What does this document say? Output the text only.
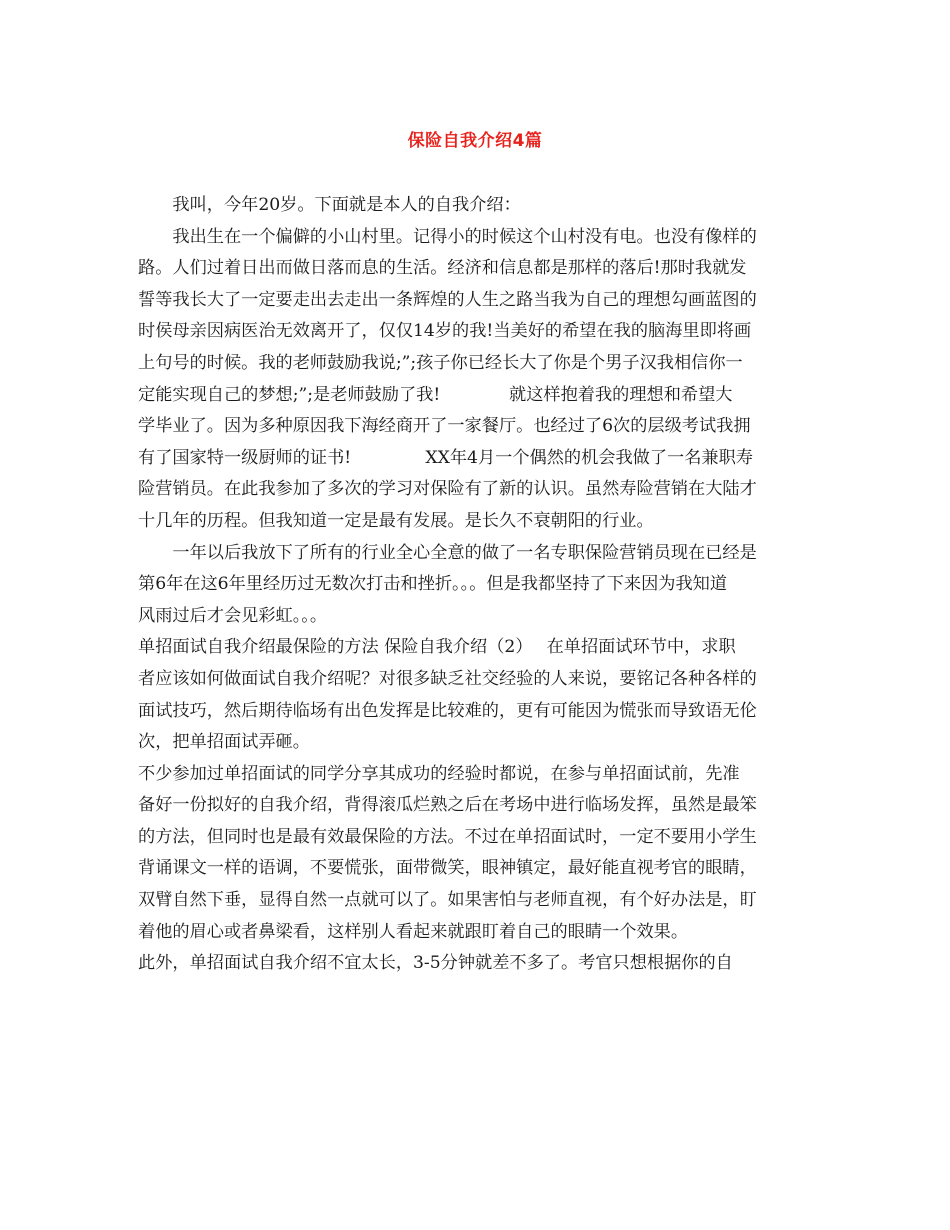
保险自我介绍4篇

　　我叫，今年20岁。下面就是本人的自我介绍：

　　我出生在一个偏僻的小山村里。记得小的时候这个山村没有电。也没有像样的

路。人们过着日出而做日落而息的生活。经济和信息都是那样的落后!那时我就发

誓等我长大了一定要走出去走出一条辉煌的人生之路当我为自己的理想勾画蓝图的

时侯母亲因病医治无效离开了，仅仅14岁的我!当美好的希望在我的脑海里即将画

上句号的时候。我的老师鼓励我说;”;孩子你已经长大了你是个男子汉我相信你一

定能实现自己的梦想;”;是老师鼓励了我!　　　　就这样抱着我的理想和希望大

学毕业了。因为多种原因我下海经商开了一家餐厅。也经过了6次的层级考试我拥

有了国家特一级厨师的证书!　　　　 XX年4月一个偶然的机会我做了一名兼职寿

险营销员。在此我参加了多次的学习对保险有了新的认识。虽然寿险营销在大陆才

十几年的历程。但我知道一定是最有发展。是长久不衰朝阳的行业。

　　一年以后我放下了所有的行业全心全意的做了一名专职保险营销员现在已经是

第6年在这6年里经历过无数次打击和挫折。。。但是我都坚持了下来因为我知道

风雨过后才会见彩虹。。。

单招面试自我介绍最保险的方法 保险自我介绍（2）　 在单招面试环节中，求职

者应该如何做面试自我介绍呢？对很多缺乏社交经验的人来说，要铭记各种各样的

面试技巧，然后期待临场有出色发挥是比较难的，更有可能因为慌张而导致语无伦

次，把单招面试弄砸。

不少参加过单招面试的同学分享其成功的经验时都说，在参与单招面试前，先准

备好一份拟好的自我介绍，背得滚瓜烂熟之后在考场中进行临场发挥，虽然是最笨

的方法，但同时也是最有效最保险的方法。不过在单招面试时，一定不要用小学生

背诵课文一样的语调，不要慌张，面带微笑，眼神镇定，最好能直视考官的眼睛，

双臂自然下垂，显得自然一点就可以了。如果害怕与老师直视，有个好办法是，盯

着他的眉心或者鼻梁看，这样别人看起来就跟盯着自己的眼睛一个效果。

此外，单招面试自我介绍不宜太长，3-5分钟就差不多了。考官只想根据你的自
